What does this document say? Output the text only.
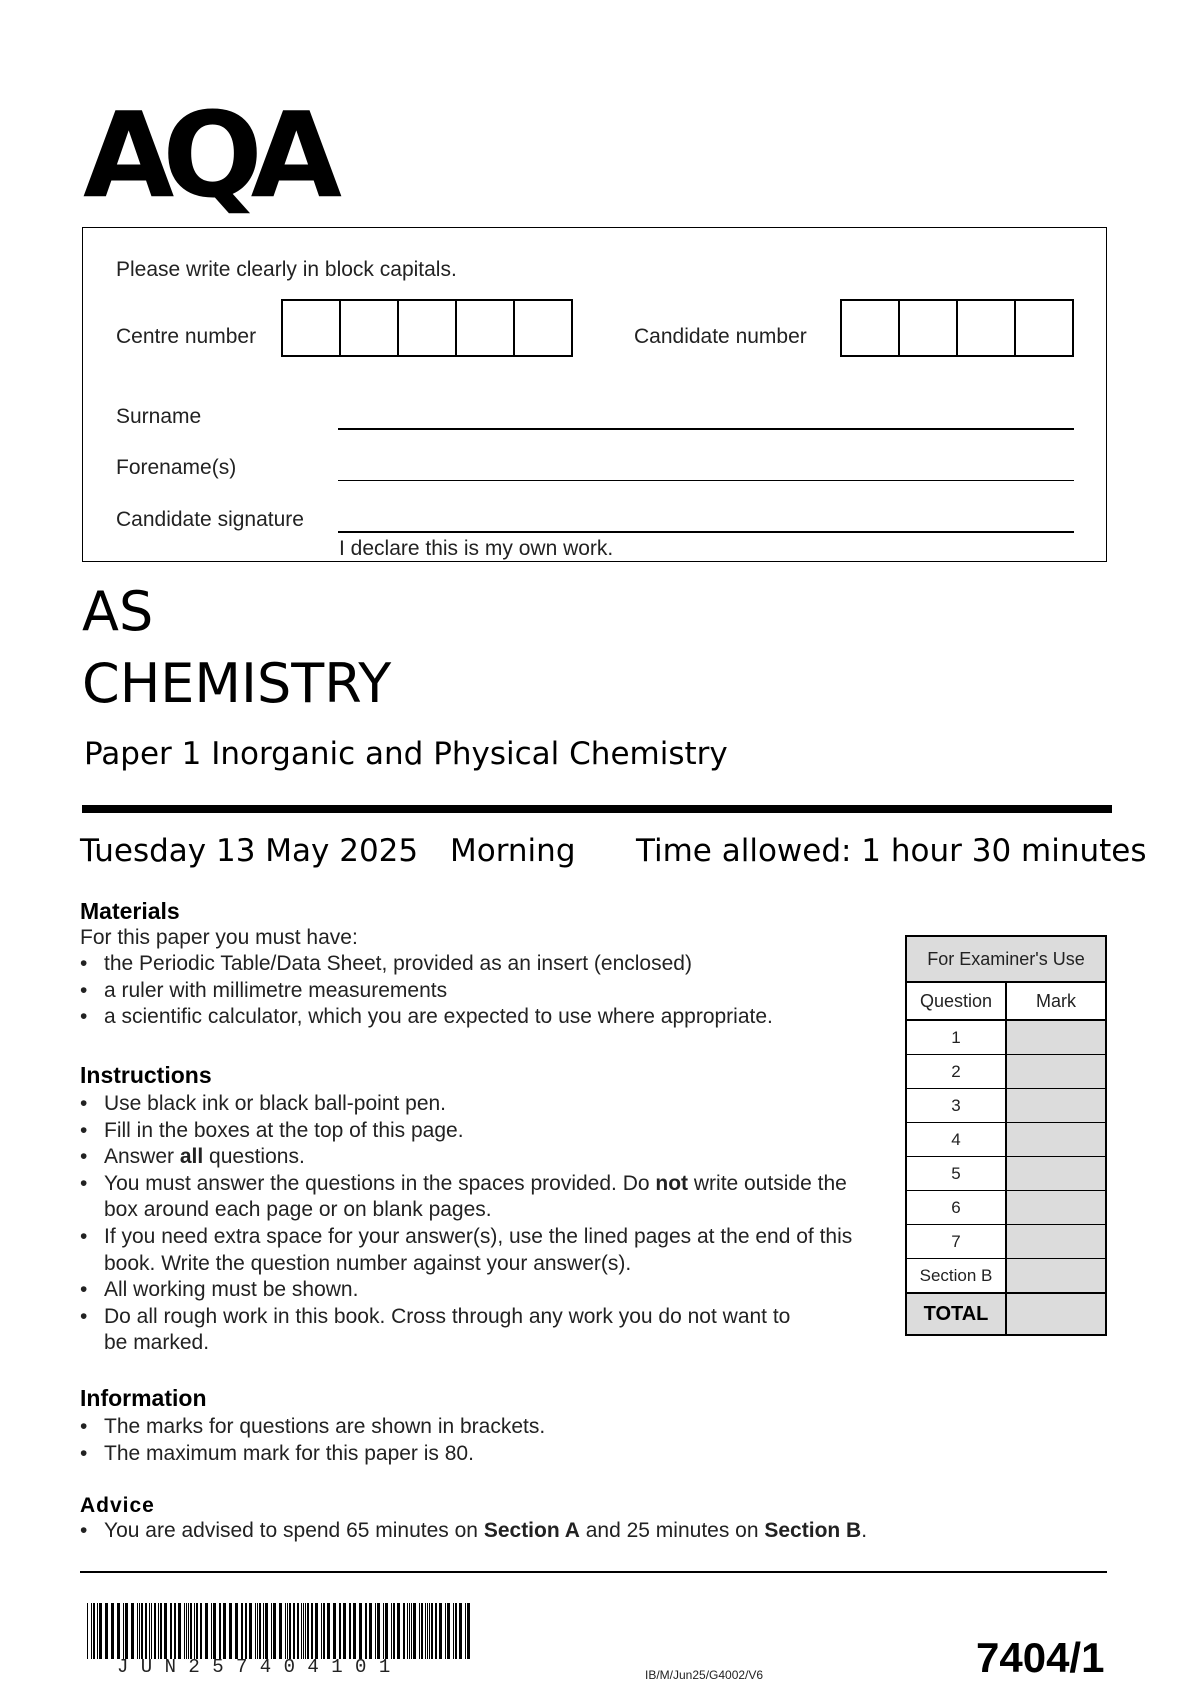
AQA
Please write clearly in block capitals.
Centre number	Candidate number
Surname
Forename(s)
Candidate signature
I declare this is my own work.
AS
CHEMISTRY
Paper 1 Inorganic and Physical Chemistry
Tuesday 13 May 2025 Morning Time allowed: 1 hour 30 minutes
Materials
For this paper you must have:
• the Periodic Table/Data Sheet, provided as an insert (enclosed)
• a ruler with millimetre measurements
• a scientific calculator, which you are expected to use where appropriate.
Instructions
• Use black ink or black ball-point pen.
• Fill in the boxes at the top of this page.
• Answer all questions.
• You must answer the questions in the spaces provided. Do not write outside the box around each page or on blank pages.
• If you need extra space for your answer(s), use the lined pages at the end of this book. Write the question number against your answer(s).
• All working must be shown.
• Do all rough work in this book. Cross through any work you do not want to be marked.
Information
• The marks for questions are shown in brackets.
• The maximum mark for this paper is 80.
Advice
• You are advised to spend 65 minutes on Section A and 25 minutes on Section B.
For Examiner's Use
Question	Mark
1
2
3
4
5
6
7
Section B
TOTAL
JUN257404101	IB/M/Jun25/G4002/V6	7404/1
